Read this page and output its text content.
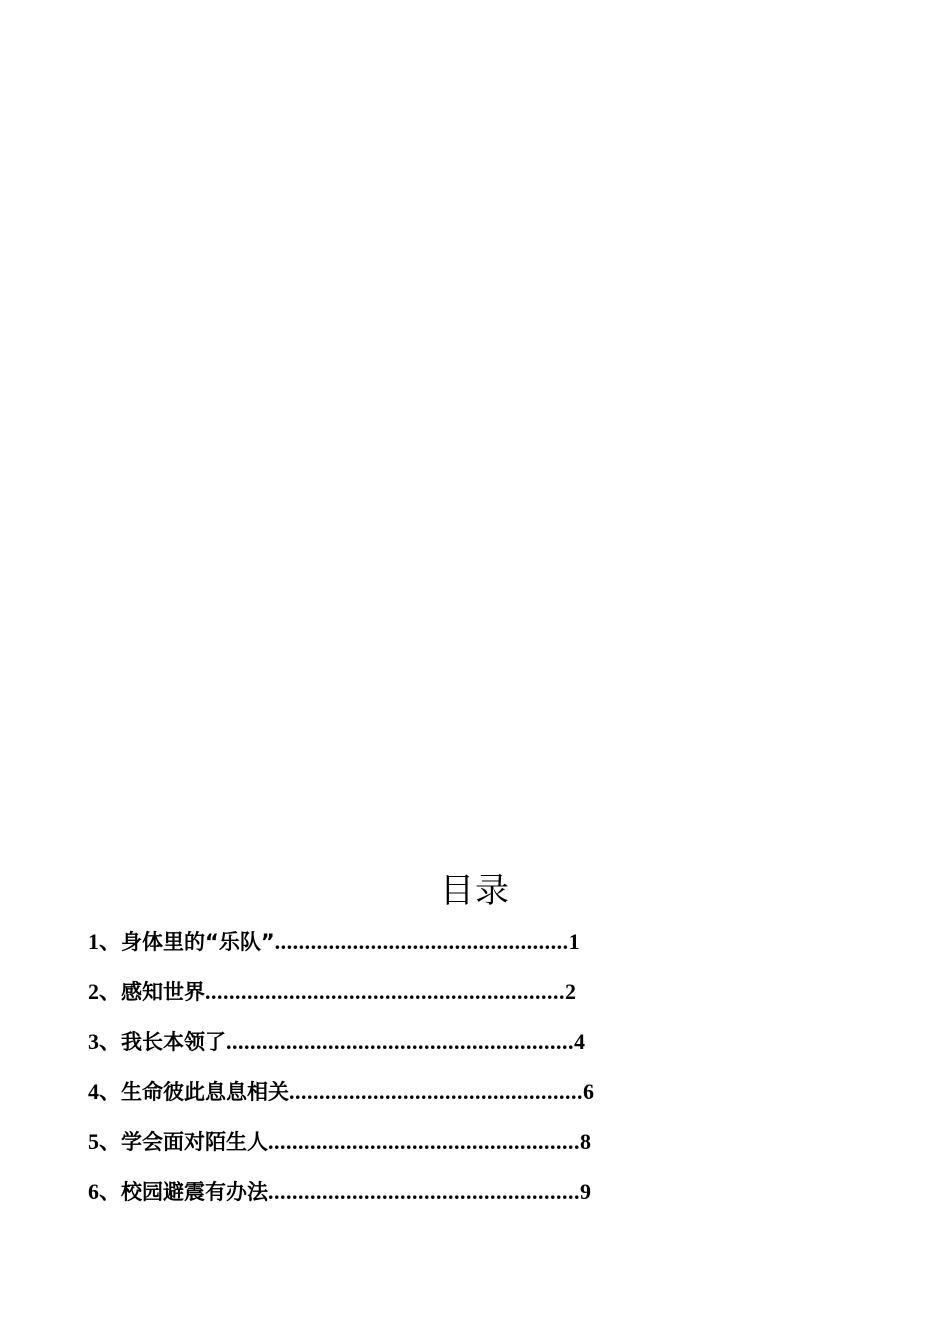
目录
1、身体里的“乐队”.................................................1
2、感知世界............................................................2
3、我长本领了..........................................................4
4、生命彼此息息相关.................................................6
5、学会面对陌生人....................................................8
6、校园避震有办法....................................................9
